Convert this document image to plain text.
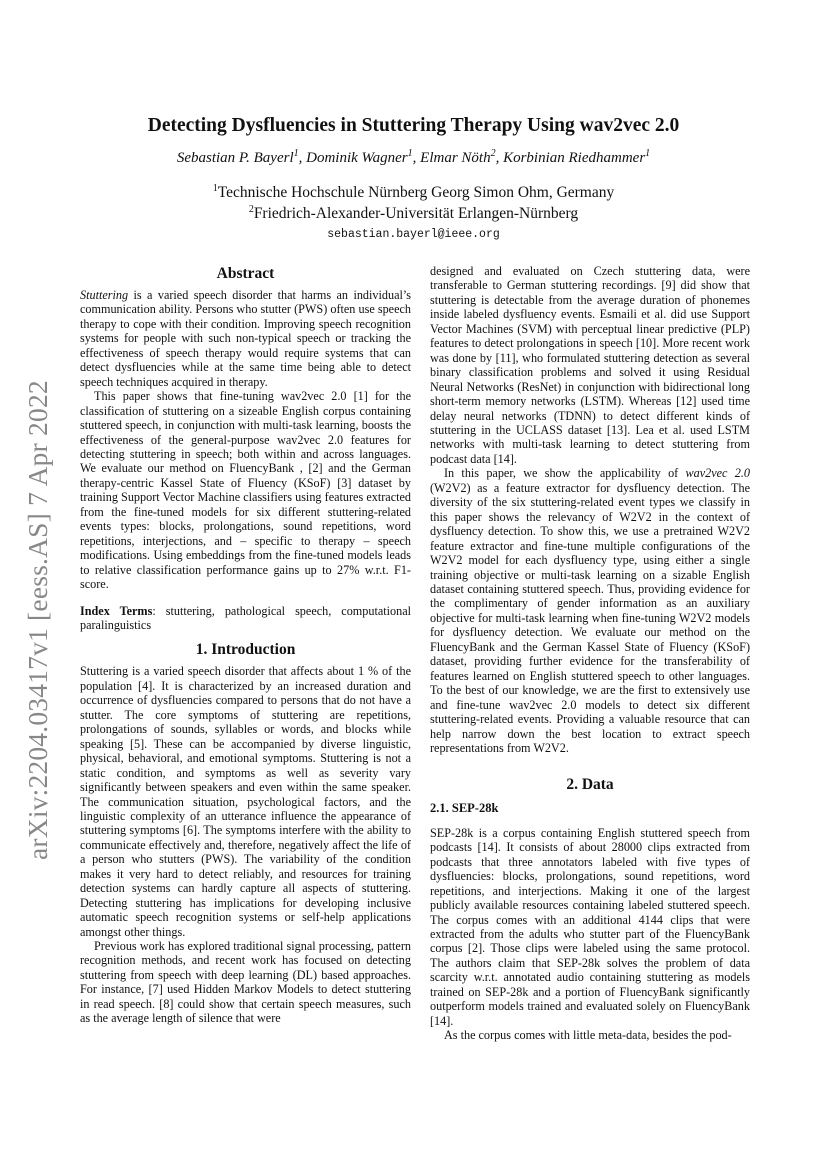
Detecting Dysfluencies in Stuttering Therapy Using wav2vec 2.0
Sebastian P. Bayerl$^1$, Dominik Wagner$^1$, Elmar Nöth$^2$, Korbinian Riedhammer$^1$
$^1$Technische Hochschule Nürnberg Georg Simon Ohm, Germany
$^2$Friedrich-Alexander-Universität Erlangen-Nürnberg
sebastian.bayerl@ieee.org
arXiv:2204.03417v1 [eess.AS] 7 Apr 2022
Abstract

Stuttering is a varied speech disorder that harms an individual’s communication ability. Persons who stutter (PWS) often use speech therapy to cope with their condition. Improving speech recognition systems for people with such non-typical speech or tracking the effectiveness of speech therapy would require systems that can detect dysfluencies while at the same time being able to detect speech techniques acquired in therapy.

This paper shows that fine-tuning wav2vec 2.0 [1] for the classification of stuttering on a sizeable English corpus containing stuttered speech, in conjunction with multi-task learning, boosts the effectiveness of the general-purpose wav2vec 2.0 features for detecting stuttering in speech; both within and across languages. We evaluate our method on FluencyBank , [2] and the German therapy-centric Kassel State of Fluency (KSoF) [3] dataset by training Support Vector Machine classifiers using features extracted from the fine-tuned models for six different stuttering-related events types: blocks, prolongations, sound repetitions, word repetitions, interjections, and – specific to therapy – speech modifications. Using embeddings from the fine-tuned models leads to relative classification performance gains up to 27% w.r.t. F1-score.

Index Terms: stuttering, pathological speech, computational paralinguistics

1. Introduction

Stuttering is a varied speech disorder that affects about 1 % of the population [4]. It is characterized by an increased duration and occurrence of dysfluencies compared to persons that do not have a stutter. The core symptoms of stuttering are repetitions, prolongations of sounds, syllables or words, and blocks while speaking [5]. These can be accompanied by diverse linguistic, physical, behavioral, and emotional symptoms. Stuttering is not a static condition, and symptoms as well as severity vary significantly between speakers and even within the same speaker. The communication situation, psychological factors, and the linguistic complexity of an utterance influence the appearance of stuttering symptoms [6]. The symptoms interfere with the ability to communicate effectively and, therefore, negatively affect the life of a person who stutters (PWS). The variability of the condition makes it very hard to detect reliably, and resources for training detection systems can hardly capture all aspects of stuttering. Detecting stuttering has implications for developing inclusive automatic speech recognition systems or self-help applications amongst other things.

Previous work has explored traditional signal processing, pattern recognition methods, and recent work has focused on detecting stuttering from speech with deep learning (DL) based approaches. For instance, [7] used Hidden Markov Models to detect stuttering in read speech. [8] could show that certain speech measures, such as the average length of silence that were

designed and evaluated on Czech stuttering data, were transferable to German stuttering recordings. [9] did show that stuttering is detectable from the average duration of phonemes inside labeled dysfluency events. Esmaili et al. did use Support Vector Machines (SVM) with perceptual linear predictive (PLP) features to detect prolongations in speech [10]. More recent work was done by [11], who formulated stuttering detection as several binary classification problems and solved it using Residual Neural Networks (ResNet) in conjunction with bidirectional long short-term memory networks (LSTM). Whereas [12] used time delay neural networks (TDNN) to detect different kinds of stuttering in the UCLASS dataset [13]. Lea et al. used LSTM networks with multi-task learning to detect stuttering from podcast data [14].

In this paper, we show the applicability of wav2vec 2.0 (W2V2) as a feature extractor for dysfluency detection. The diversity of the six stuttering-related event types we classify in this paper shows the relevancy of W2V2 in the context of dysfluency detection. To show this, we use a pretrained W2V2 feature extractor and fine-tune multiple configurations of the W2V2 model for each dysfluency type, using either a single training objective or multi-task learning on a sizable English dataset containing stuttered speech. Thus, providing evidence for the complimentary of gender information as an auxiliary objective for multi-task learning when fine-tuning W2V2 models for dysfluency detection. We evaluate our method on the FluencyBank and the German Kassel State of Fluency (KSoF) dataset, providing further evidence for the transferability of features learned on English stuttered speech to other languages. To the best of our knowledge, we are the first to extensively use and fine-tune wav2vec 2.0 models to detect six different stuttering-related events. Providing a valuable resource that can help narrow down the best location to extract speech representations from W2V2.

2. Data
2.1. SEP-28k

SEP-28k is a corpus containing English stuttered speech from podcasts [14]. It consists of about 28000 clips extracted from podcasts that three annotators labeled with five types of dysfluencies: blocks, prolongations, sound repetitions, word repetitions, and interjections. Making it one of the largest publicly available resources containing labeled stuttered speech. The corpus comes with an additional 4144 clips that were extracted from the adults who stutter part of the FluencyBank corpus [2]. Those clips were labeled using the same protocol. The authors claim that SEP-28k solves the problem of data scarcity w.r.t. annotated audio containing stuttering as models trained on SEP-28k and a portion of FluencyBank significantly outperform models trained and evaluated solely on FluencyBank [14].

As the corpus comes with little meta-data, besides the pod-
